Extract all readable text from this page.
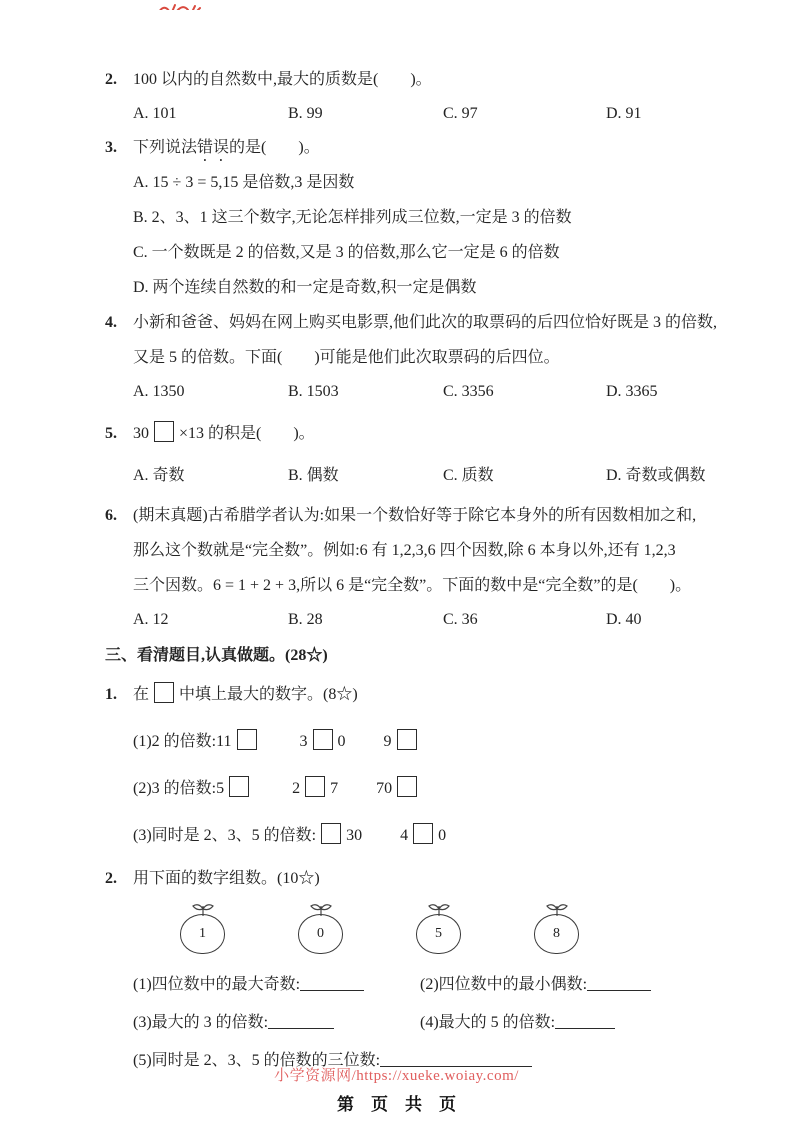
2.	100 以内的自然数中,最大的质数是(　　)。
A. 101	B. 99	C. 97	D. 91
3.	下列说法错误的是(　　)。
A. 15 ÷ 3 = 5,15 是倍数,3 是因数
B. 2、3、1 这三个数字,无论怎样排列成三位数,一定是 3 的倍数
C. 一个数既是 2 的倍数,又是 3 的倍数,那么它一定是 6 的倍数
D. 两个连续自然数的和一定是奇数,积一定是偶数
4.	小新和爸爸、妈妈在网上购买电影票,他们此次的取票码的后四位恰好既是 3 的倍数,
又是 5 的倍数。下面(　　)可能是他们此次取票码的后四位。
A. 1350	B. 1503	C. 3356	D. 3365
5.	30 ×13 的积是(　　)。
A. 奇数	B. 偶数	C. 质数	D. 奇数或偶数
6.	(期末真题)古希腊学者认为:如果一个数恰好等于除它本身外的所有因数相加之和,
那么这个数就是“完全数”。例如:6 有 1,2,3,6 四个因数,除 6 本身以外,还有 1,2,3
三个因数。6 = 1 + 2 + 3,所以 6 是“完全数”。下面的数中是“完全数”的是(　　)。
A. 12	B. 28	C. 36	D. 40
三、看清题目,认真做题。(28☆)
1.	在 中填上最大的数字。(8☆)
(1)2 的倍数:11	3 0 9
(2)3 的倍数:5	2 7 70
(3)同时是 2、3、5 的倍数: 30 4 0
2.	用下面的数字组数。(10☆)
1	0	5	8
(1)四位数中的最大奇数:	(2)四位数中的最小偶数:
(3)最大的 3 的倍数:	(4)最大的 5 的倍数:
(5)同时是 2、3、5 的倍数的三位数:
小学资源网/https://xueke.woiay.com/
第　页　共　页
